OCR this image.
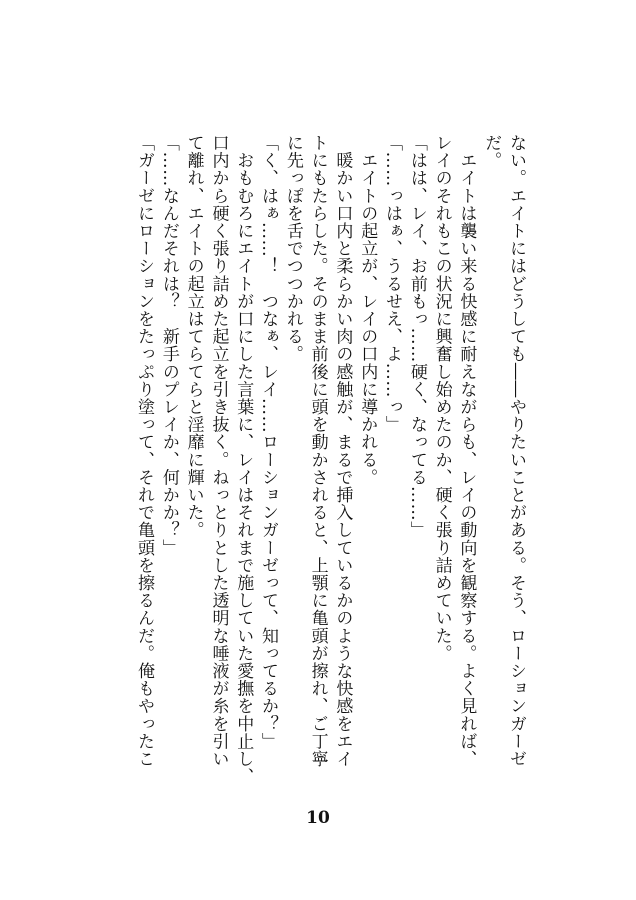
ない。エイトにはどうしても――やりたいことがある。そう、ローションガーゼ
だ。
　エイトは襲い来る快感に耐えながらも、レイの動向を観察する。よく見れば、
レイのそれもこの状況に興奮し始めたのか、硬く張り詰めていた。
「はは、レイ、お前もっ……硬く、なってる……」
「……っはぁ、うるせえ、よ……っ」
　エイトの起立が、レイの口内に導かれる。
　暖かい口内と柔らかい肉の感触が、まるで挿入しているかのような快感をエイ
トにもたらした。そのまま前後に頭を動かされると、上顎に亀頭が擦れ、ご丁寧
に先っぽを舌でつつかれる。
「く、はぁ……！　つなぁ、レイ……ローションガーゼって、知ってるか？」
　おもむろにエイトが口にした言葉に、レイはそれまで施していた愛撫を中止し、
口内から硬く張り詰めた起立を引き抜く。ねっとりとした透明な唾液が糸を引い
て離れ、エイトの起立はてらてらと淫靡に輝いた。
「……なんだそれは？　新手のプレイか、何かか？」
「ガーゼにローションをたっぷり塗って、それで亀頭を擦るんだ。俺もやったこ
10
